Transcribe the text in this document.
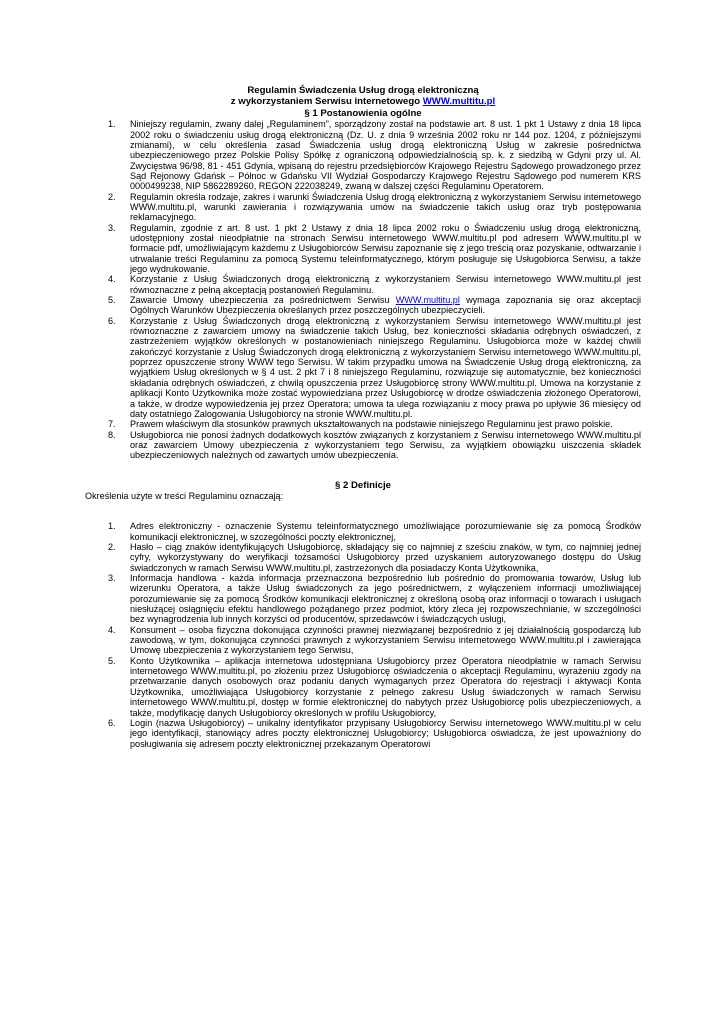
Regulamin Świadczenia Usług drogą elektroniczną
z wykorzystaniem Serwisu internetowego WWW.multitu.pl
§ 1 Postanowienia ogólne
1. Niniejszy regulamin, zwany dalej „Regulaminem”, sporządzony został na podstawie art. 8 ust. 1 pkt 1 Ustawy z dnia 18 lipca 2002 roku o świadczeniu usług drogą elektroniczną (Dz. U. z dnia 9 września 2002 roku nr 144 poz. 1204, z późniejszymi zmianami), w celu określenia zasad Świadczenia usług drogą elektroniczną Usług w zakresie pośrednictwa ubezpieczeniowego przez Polskie Polisy Spółkę z ograniczoną odpowiedzialnością sp. k. z siedzibą w Gdyni przy ul. Al. Zwycięstwa 96/98, 81 - 451 Gdynia, wpisaną do rejestru przedsiębiorców Krajowego Rejestru Sądowego prowadzonego przez Sąd Rejonowy Gdańsk – Północ w Gdańsku VII Wydział Gospodarczy Krajowego Rejestru Sądowego pod numerem KRS 0000499238, NIP 5862289260, REGON 222038249, zwaną w dalszej części Regulaminu Operatorem.
2. Regulamin określa rodzaje, zakres i warunki Świadczenia Usług drogą elektroniczną z wykorzystaniem Serwisu internetowego WWW.multitu.pl, warunki zawierania i rozwiązywania umów na świadczenie takich usług oraz tryb postępowania reklamacyjnego.
3. Regulamin, zgodnie z art. 8 ust. 1 pkt 2 Ustawy z dnia 18 lipca 2002 roku o Świadczeniu usług drogą elektroniczną, udostępniony został nieodpłatnie na stronach Serwisu internetowego WWW.multitu.pl pod adresem WWW.multitu.pl w formacie pdf, umożliwiającym każdemu z Usługobiorców Serwisu zapoznanie się z jego treścią oraz pozyskanie, odtwarzanie i utrwalanie treści Regulaminu za pomocą Systemu teleinformatycznego, którym posługuje się Usługobiorca Serwisu, a także jego wydrukowanie.
4. Korzystanie z Usług Świadczonych drogą elektroniczną z wykorzystaniem Serwisu internetowego WWW.multitu.pl jest równoznaczne z pełną akceptacją postanowień Regulaminu.
5. Zawarcie Umowy ubezpieczenia za pośrednictwem Serwisu WWW.multitu.pl wymaga zapoznania się oraz akceptacji Ogólnych Warunków Ubezpieczenia określanych przez poszczególnych ubezpieczycieli.
6. Korzystanie z Usług Świadczonych drogą elektroniczną z wykorzystaniem Serwisu internetowego WWW.multitu.pl jest równoznaczne z zawarciem umowy na świadczenie takich Usług, bez konieczności składania odrębnych oświadczeń, z zastrzeżeniem wyjątków określonych w postanowieniach niniejszego Regulaminu. Usługobiorca może w każdej chwili zakończyć korzystanie z Usług Świadczonych drogą elektroniczną z wykorzystaniem Serwisu internetowego WWW.multitu.pl, poprzez opuszczenie strony WWW tego Serwisu. W takim przypadku umowa na Świadczenie Usług drogą elektroniczną, za wyjątkiem Usług określonych w § 4 ust. 2 pkt 7 i 8 niniejszego Regulaminu, rozwiązuje się automatycznie, bez konieczności składania odrębnych oświadczeń, z chwilą opuszczenia przez Usługobiorcę strony WWW.multitu.pl. Umowa na korzystanie z aplikacji Konto Użytkownika może zostać wypowiedziana przez Usługobiorcę w drodze oświadczenia złożonego Operatorowi, a także, w drodze wypowiedzenia jej przez Operatora; umowa ta ulega rozwiązaniu z mocy prawa po upływie 36 miesięcy od daty ostatniego Zalogowania Usługobiorcy na stronie WWW.multitu.pl.
7. Prawem właściwym dla stosunków prawnych ukształtowanych na podstawie niniejszego Regulaminu jest prawo polskie.
8. Usługobiorca nie ponosi żadnych dodatkowych kosztów związanych z korzystaniem z Serwisu internetowego WWW.multitu.pl oraz zawarciem Umowy ubezpieczenia z wykorzystaniem tego Serwisu, za wyjątkiem obowiązku uiszczenia składek ubezpieczeniowych należnych od zawartych umów ubezpieczenia.
§ 2 Definicje
Określenia użyte w treści Regulaminu oznaczają:
1. Adres elektroniczny - oznaczenie Systemu teleinformatycznego umożliwiające porozumiewanie się za pomocą Środków komunikacji elektronicznej, w szczególności poczty elektronicznej,
2. Hasło – ciąg znaków identyfikujących Usługobiorcę, składający się co najmniej z sześciu znaków, w tym, co najmniej jednej cyfry, wykorzystywany do weryfikacji tożsamości Usługobiorcy przed uzyskaniem autoryzowanego dostępu do Usług świadczonych w ramach Serwisu WWW.multitu.pl, zastrzeżonych dla posiadaczy Konta Użytkownika,
3. Informacja handlowa - każda informacja przeznaczona bezpośrednio lub pośrednio do promowania towarów, Usług lub wizerunku Operatora, a także Usług świadczonych za jego pośrednictwem, z wyłączeniem informacji umożliwiającej porozumiewanie się za pomocą Środków komunikacji elektronicznej z określoną osobą oraz informacji o towarach i usługach niesłużącej osiągnięciu efektu handlowego pożądanego przez podmiot, który zleca jej rozpowszechnianie, w szczególności bez wynagrodzenia lub innych korzyści od producentów, sprzedawców i świadczących usługi,
4. Konsument – osoba fizyczna dokonująca czynności prawnej niezwiązanej bezpośrednio z jej działalnością gospodarczą lub zawodową, w tym, dokonująca czynności prawnych z wykorzystaniem Serwisu internetowego WWW.multitu.pl i zawierająca Umowę ubezpieczenia z wykorzystaniem tego Serwisu,
5. Konto Użytkownika – aplikacja internetowa udostępniana Usługobiorcy przez Operatora nieodpłatnie w ramach Serwisu internetowego WWW.multitu.pl, po złożeniu przez Usługobiorcę oświadczenia o akceptacji Regulaminu, wyrażeniu zgody na przetwarzanie danych osobowych oraz podaniu danych wymaganych przez Operatora do rejestracji i aktywacji Konta Użytkownika, umożliwiająca Usługobiorcy korzystanie z pełnego zakresu Usług świadczonych w ramach Serwisu internetowego WWW.multitu.pl, dostęp w formie elektronicznej do nabytych przez Usługobiorcę polis ubezpieczeniowych, a także, modyfikację danych Usługobiorcy określonych w profilu Usługobiorcy,
6. Login (nazwa Usługobiorcy) – unikalny identyfikator przypisany Usługobiorcy Serwisu internetowego WWW.multitu.pl w celu jego identyfikacji, stanowiący adres poczty elektronicznej Usługobiorcy; Usługobiorca oświadcza, że jest upoważniony do posługiwania się adresem poczty elektronicznej przekazanym Operatorowi
